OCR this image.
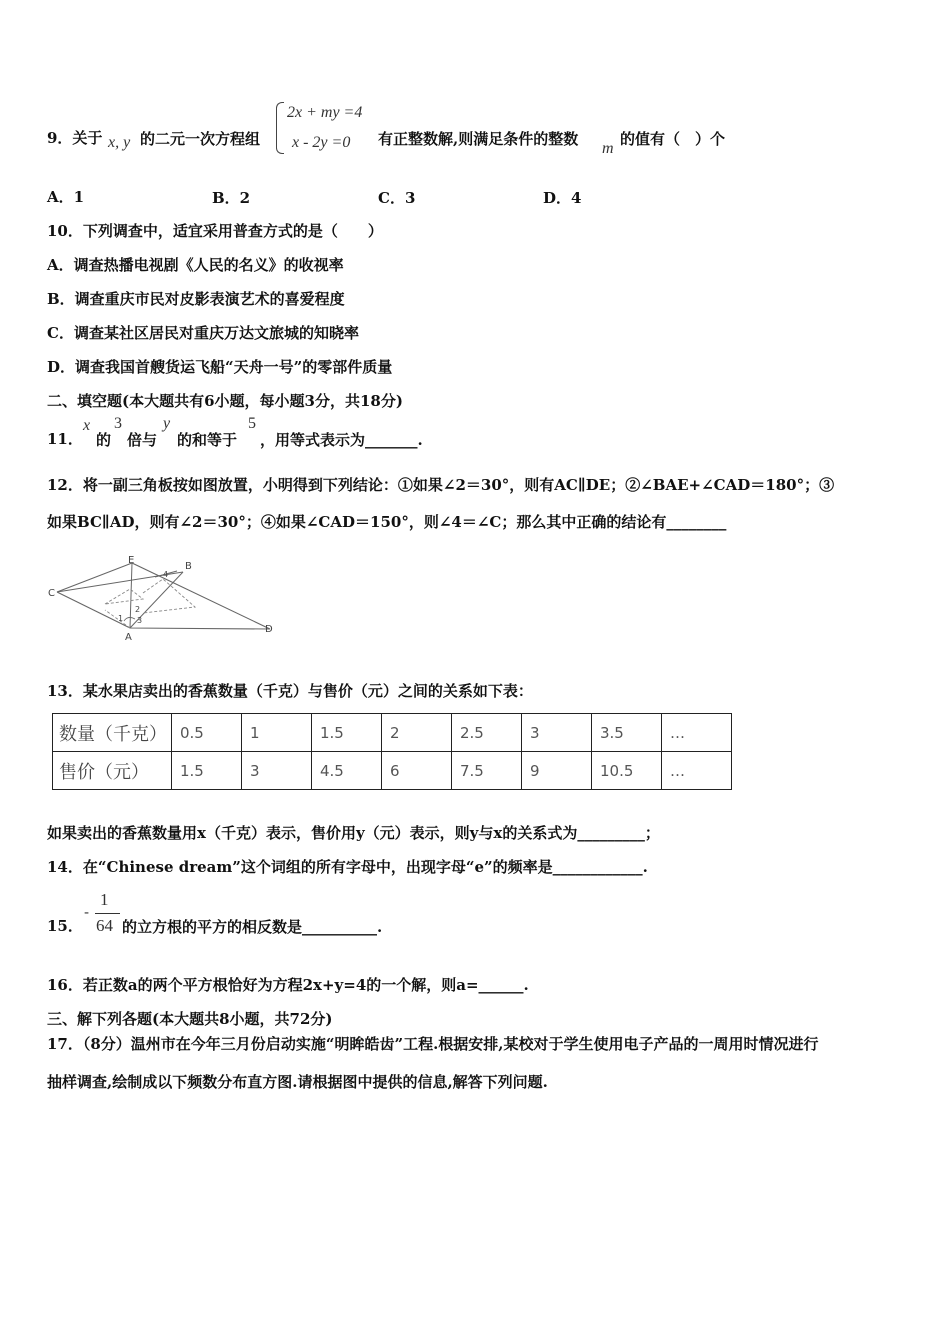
9．关于 x, y 的二元一次方程组
2x + my =4
x - 2y =0 有正整数解,则满足条件的整数
m
的值有（　）个
A．1	B．2	C．3	D．4
10．下列调查中，适宜采用普查方式的是（　　）
A．调查热播电视剧《人民的名义》的收视率
B．调查重庆市民对皮影表演艺术的喜爱程度
C．调查某社区居民对重庆万达文旅城的知晓率
D．调查我国首艘货运飞船“天舟一号”的零部件质量
二、填空题(本大题共有6小题，每小题3分，共18分)
11．
x
的
3
倍与
y
的和等于
5
，用等式表示为_______.
12．将一副三角板按如图放置，小明得到下列结论：①如果∠2＝30°，则有AC∥DE；②∠BAE+∠CAD＝180°；③
如果BC∥AD，则有∠2＝30°；④如果∠CAD＝150°，则∠4＝∠C；那么其中正确的结论有________
C
E
B
D
A
4
1
2
3
13．某水果店卖出的香蕉数量（千克）与售价（元）之间的关系如下表：
数量（千克）	0.5	1	1.5	2	2.5	3	3.5	…
售价（元）	1.5	3	4.5	6	7.5	9	10.5	…
如果卖出的香蕉数量用x（千克）表示，售价用y（元）表示，则y与x的关系式为_________；
14．在“Chinese dream”这个词组的所有字母中，出现字母“e”的频率是____________.
15．
-
1
64 的立方根的平方的相反数是__________.
16．若正数a的两个平方根恰好为方程2x+y=4的一个解，则a=______.
三、解下列各题(本大题共8小题，共72分)
17．（8分）温州市在今年三月份启动实施“明眸皓齿”工程.根据安排,某校对于学生使用电子产品的一周用时情况进行
抽样调查,绘制成以下频数分布直方图.请根据图中提供的信息,解答下列问题.
